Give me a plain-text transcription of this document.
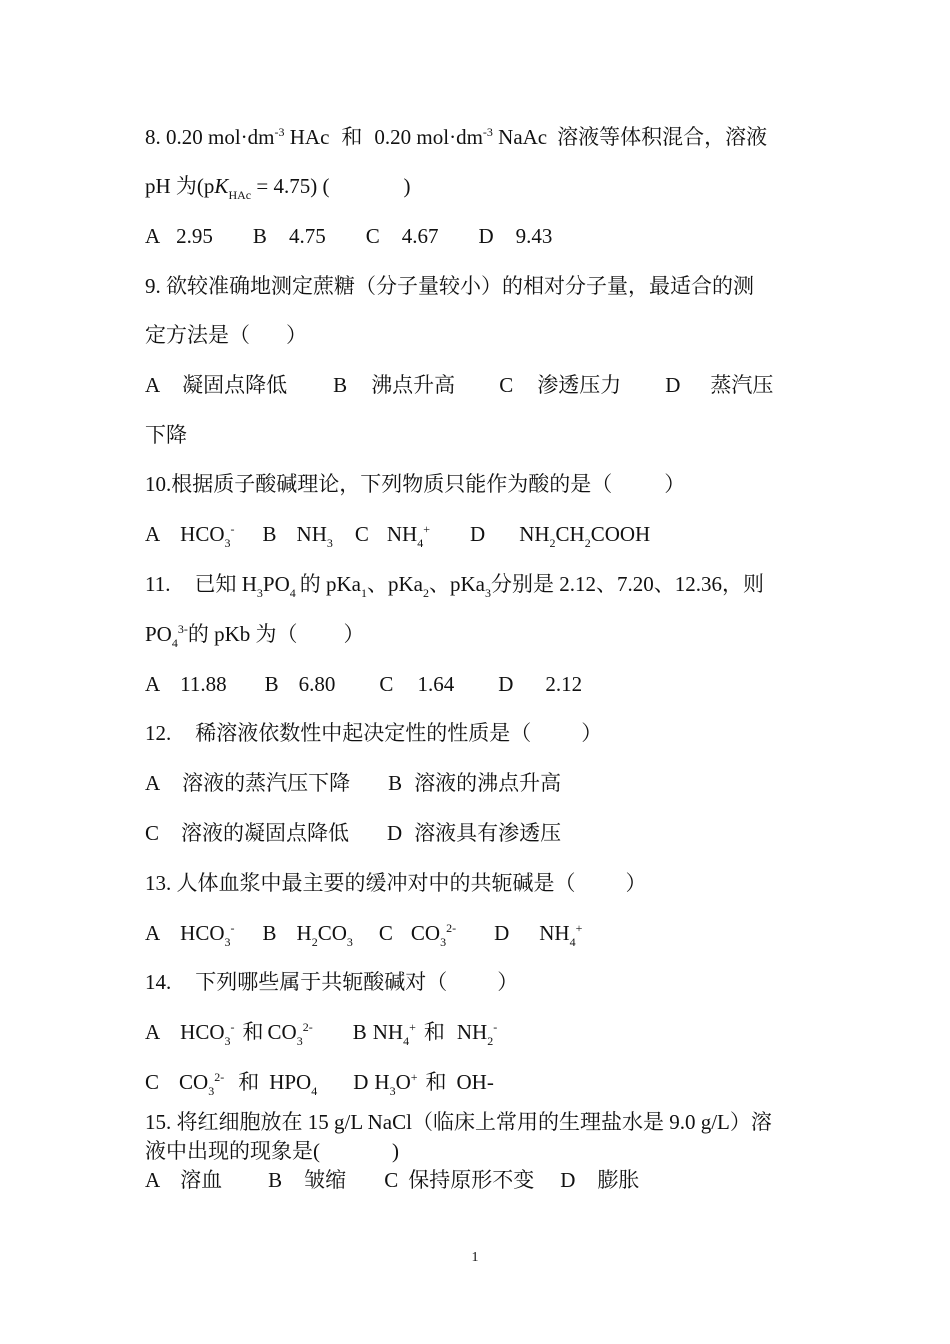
8. 0.20 $mol\cdot dm^{-3}$ HAc 和 0.20 $mol\cdot dm^{-3}$ NaAc 溶液等体积混合，溶液
pH 为$(pK_{HAc} = 4.75)$ (	)
A 2.95 B 4.75 C 4.67 D 9.43
9. 欲较准确地测定蔗糖（分子量较小）的相对分子量，最适合的测
定方法是（ ）
A 凝固点降低 B 沸点升高 C 渗透压力 D 蒸汽压
下降
10.根据质子酸碱理论，下列物质只能作为酸的是（ ）
A $HCO_3^-$ B $NH_3$ C $NH_4^+$ D $NH_2CH_2COOH$
11. 已知 $H_3PO_4$ 的 pKa$_1$、pKa$_2$、pKa$_3$分别是 2.12、7.20、12.36，则
$PO_4^{3-}$的 pKb 为（ ）
A 11.88 B 6.80 C 1.64 D 2.12
12. 稀溶液依数性中起决定性的性质是（ ）
A 溶液的蒸汽压下降 B 溶液的沸点升高
C 溶液的凝固点降低 D 溶液具有渗透压
13. 人体血浆中最主要的缓冲对中的共轭碱是（ ）
A $HCO_3^-$ B $H_2CO_3$ C $CO_3^{2-}$ D $NH_4^+$
14. 下列哪些属于共轭酸碱对（ ）
A $HCO_3^-$ 和 $CO_3^{2-}$ B $NH_4^+$ 和 $NH_2^-$
C $CO_3^{2-}$ 和 $HPO_4$ D $H_3O^+$ 和 OH-
15. 将红细胞放在 15 g/L NaCl（临床上常用的生理盐水是 9.0 g/L）溶
液中出现的现象是(	)
A 溶血 B 皱缩 C 保持原形不变 D 膨胀
1
